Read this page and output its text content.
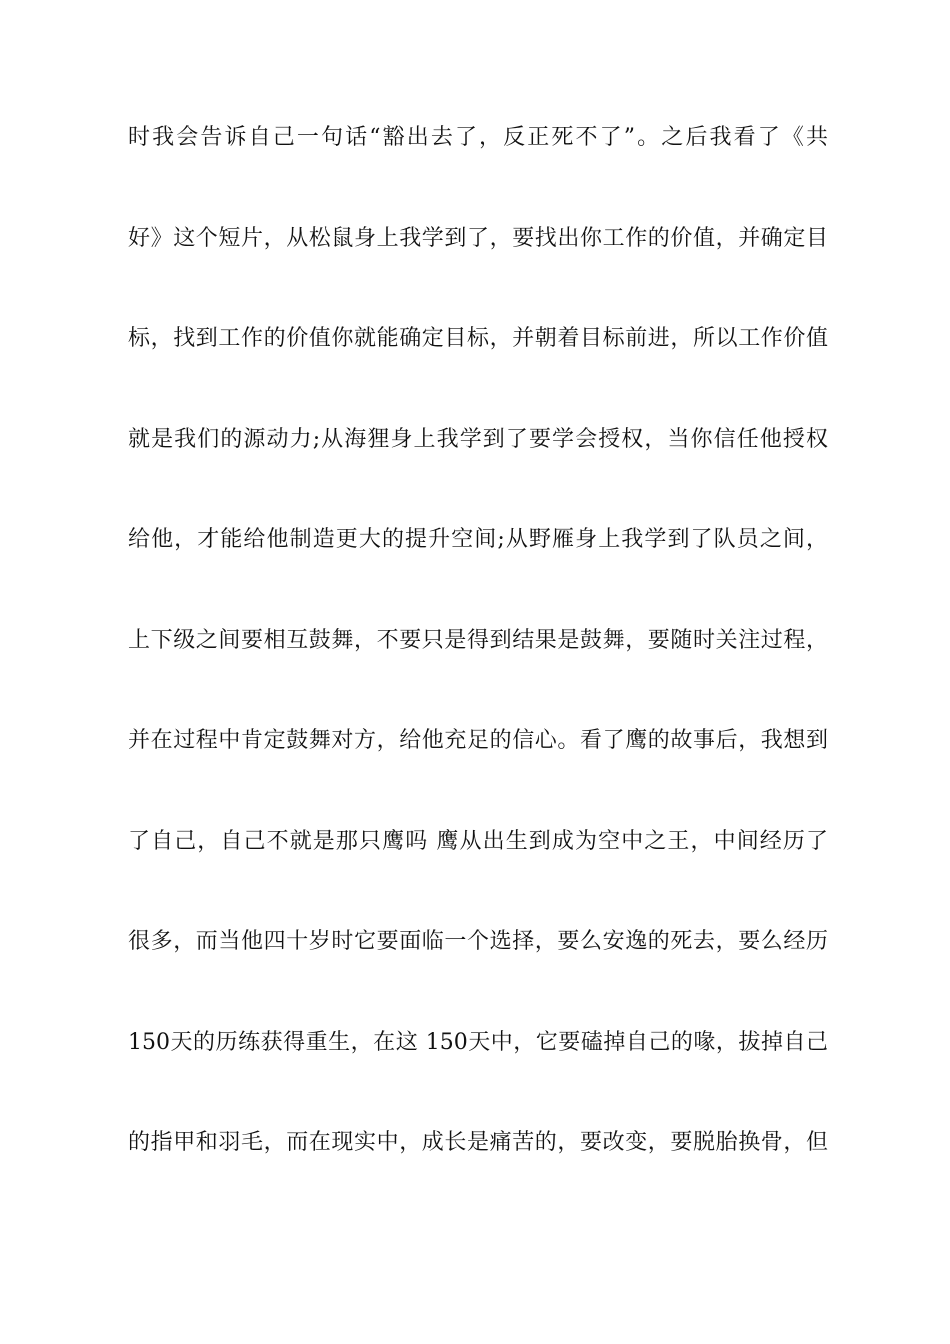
时我会告诉自己一句话“豁出去了，反正死不了”。之后我看了《共
好》这个短片，从松鼠身上我学到了，要找出你工作的价值，并确定目
标，找到工作的价值你就能确定目标，并朝着目标前进，所以工作价值
就是我们的源动力;从海狸身上我学到了要学会授权，当你信任他授权
给他，才能给他制造更大的提升空间;从野雁身上我学到了队员之间，
上下级之间要相互鼓舞，不要只是得到结果是鼓舞，要随时关注过程，
并在过程中肯定鼓舞对方，给他充足的信心。看了鹰的故事后，我想到
了自己，自己不就是那只鹰吗 鹰从出生到成为空中之王，中间经历了
很多，而当他四十岁时它要面临一个选择，要么安逸的死去，要么经历
150天的历练获得重生，在这 150天中，它要磕掉自己的喙，拔掉自己
的指甲和羽毛，而在现实中，成长是痛苦的，要改变，要脱胎换骨，但
